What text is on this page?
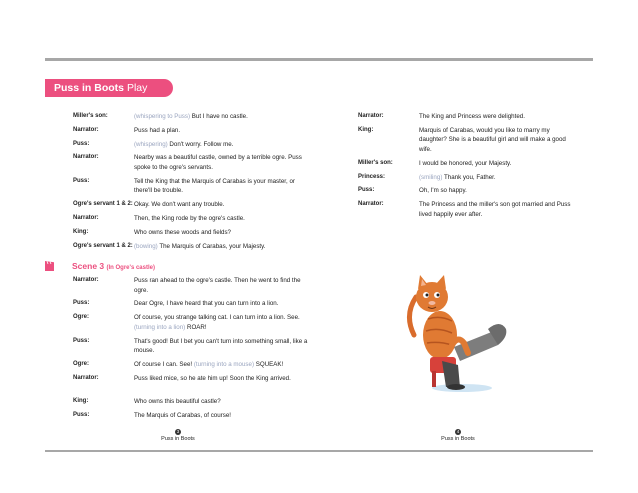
Puss in Boots Play Script
Miller's son:	(whispering to Puss) But I have no castle.
Narrator:	Puss had a plan.
Puss:	(whispering) Don't worry. Follow me.
Narrator:	Nearby was a beautiful castle, owned by a terrible ogre. Puss spoke to the ogre's servants.
Puss:	Tell the King that the Marquis of Carabas is your master, or there'll be trouble.
Ogre's servant 1 & 2: Okay. We don't want any trouble.
Narrator:	Then, the King rode by the ogre's castle.
King:	Who owns these woods and fields?
Ogre's servant 1 & 2: (bowing) The Marquis of Carabas, your Majesty.
Narrator:	Puss ran ahead to the ogre's castle. Then he went to find the ogre.
Puss:	Dear Ogre, I have heard that you can turn into a lion.
Ogre:	Of course, you strange talking cat. I can turn into a lion. See. (turning into a lion) ROAR!
Puss:	That's good! But I bet you can't turn into something small, like a mouse.
Ogre:	Of course I can. See! (turning into a mouse) SQUEAK!
Narrator:	Puss liked mice, so he ate him up! Soon the King arrived.
King:	Who owns this beautiful castle?
Puss:	The Marquis of Carabas, of course!
Scene 3 (In Ogre's castle)
Narrator:	The King and Princess were delighted.
King:	Marquis of Carabas, would you like to marry my daughter? She is a beautiful girl and will make a good wife.
Miller's son:	I would be honored, your Majesty.
Princess:	(smiling) Thank you, Father.
Puss:	Oh, I'm so happy.
Narrator:	The Princess and the miller's son got married and Puss lived happily ever after.
3
Puss in Boots
4
Puss in Boots
